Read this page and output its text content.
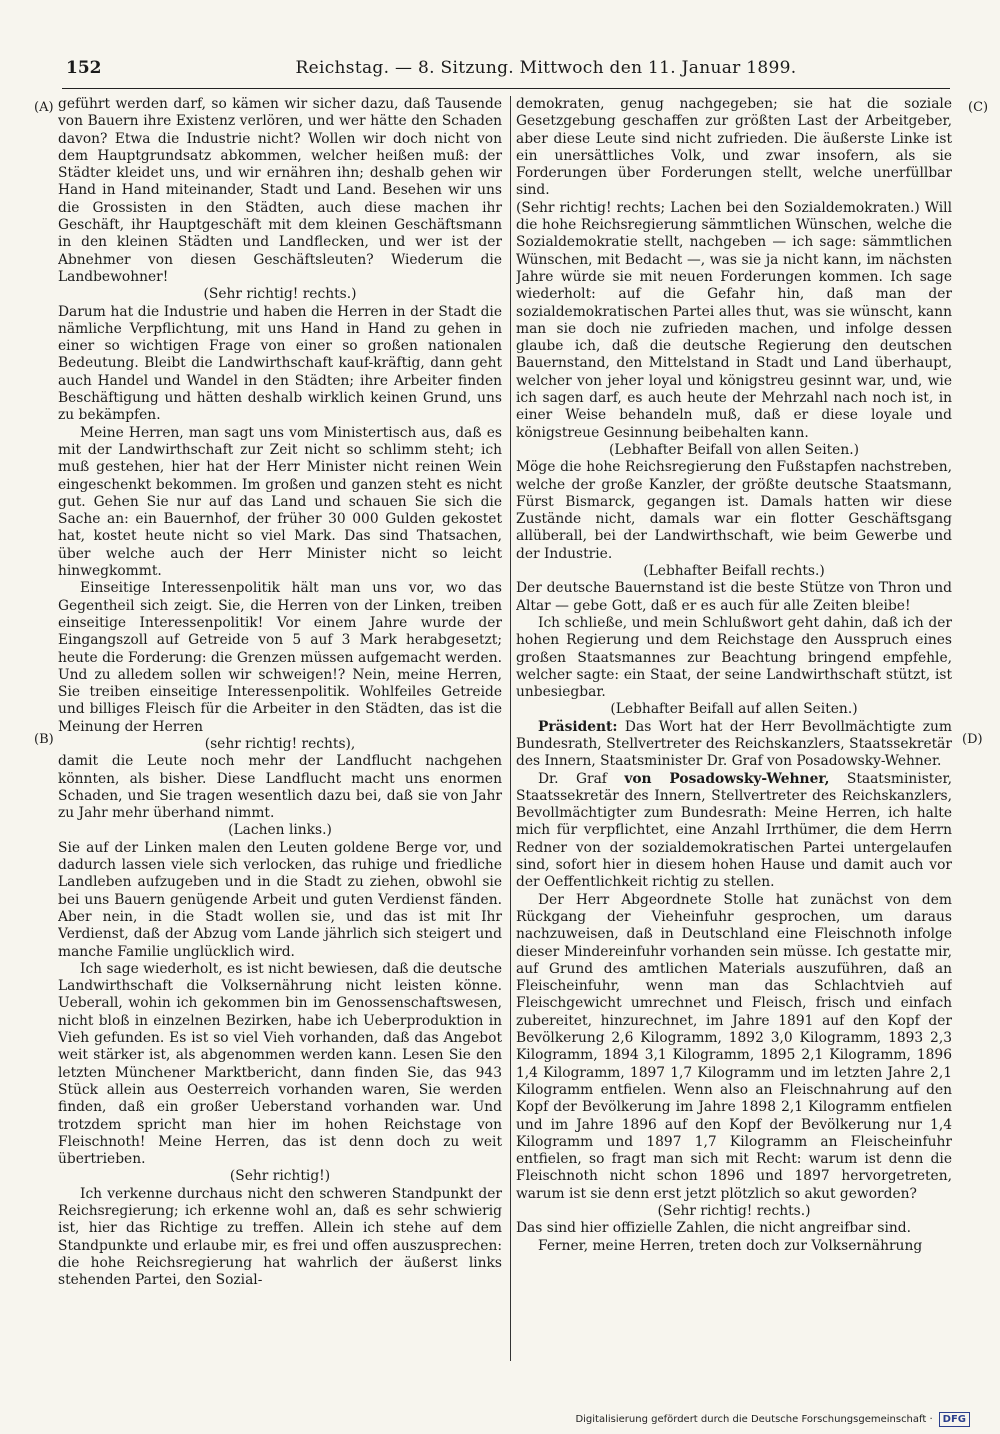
152	Reichstag. — 8. Sitzung. Mittwoch den 11. Januar 1899.
(A)
(B)
(C)
(D)

geführt werden darf, so kämen wir sicher dazu, daß Tausende von Bauern ihre Existenz verlören, und wer hätte den Schaden davon? Etwa die Industrie nicht? Wollen wir doch nicht von dem Hauptgrundsatz abkommen, welcher heißen muß: der Städter kleidet uns, und wir ernähren ihn; deshalb gehen wir Hand in Hand miteinander, Stadt und Land. Besehen wir uns die Grossisten in den Städten, auch diese machen ihr Geschäft, ihr Hauptgeschäft mit dem kleinen Geschäftsmann in den kleinen Städten und Landflecken, und wer ist der Abnehmer von diesen Geschäftsleuten? Wiederum die Landbewohner!

(Sehr richtig! rechts.)

Darum hat die Industrie und haben die Herren in der Stadt die nämliche Verpflichtung, mit uns Hand in Hand zu gehen in einer so wichtigen Frage von einer so großen nationalen Bedeutung. Bleibt die Landwirthschaft kauf-kräftig, dann geht auch Handel und Wandel in den Städten; ihre Arbeiter finden Beschäftigung und hätten deshalb wirklich keinen Grund, uns zu bekämpfen.

Meine Herren, man sagt uns vom Ministertisch aus, daß es mit der Landwirthschaft zur Zeit nicht so schlimm steht; ich muß gestehen, hier hat der Herr Minister nicht reinen Wein eingeschenkt bekommen. Im großen und ganzen steht es nicht gut. Gehen Sie nur auf das Land und schauen Sie sich die Sache an: ein Bauernhof, der früher 30 000 Gulden gekostet hat, kostet heute nicht so viel Mark. Das sind Thatsachen, über welche auch der Herr Minister nicht so leicht hinwegkommt.

Einseitige Interessenpolitik hält man uns vor, wo das Gegentheil sich zeigt. Sie, die Herren von der Linken, treiben einseitige Interessenpolitik! Vor einem Jahre wurde der Eingangszoll auf Getreide von 5 auf 3 Mark herabgesetzt; heute die Forderung: die Grenzen müssen aufgemacht werden. Und zu alledem sollen wir schweigen!? Nein, meine Herren, Sie treiben einseitige Interessenpolitik. Wohlfeiles Getreide und billiges Fleisch für die Arbeiter in den Städten, das ist die Meinung der Herren

(sehr richtig! rechts),

damit die Leute noch mehr der Landflucht nachgehen könnten, als bisher. Diese Landflucht macht uns enormen Schaden, und Sie tragen wesentlich dazu bei, daß sie von Jahr zu Jahr mehr überhand nimmt.

(Lachen links.)

Sie auf der Linken malen den Leuten goldene Berge vor, und dadurch lassen viele sich verlocken, das ruhige und friedliche Landleben aufzugeben und in die Stadt zu ziehen, obwohl sie bei uns Bauern genügende Arbeit und guten Verdienst fänden. Aber nein, in die Stadt wollen sie, und das ist mit Ihr Verdienst, daß der Abzug vom Lande jährlich sich steigert und manche Familie unglücklich wird.

Ich sage wiederholt, es ist nicht bewiesen, daß die deutsche Landwirthschaft die Volksernährung nicht leisten könne. Ueberall, wohin ich gekommen bin im Genossenschaftswesen, nicht bloß in einzelnen Bezirken, habe ich Ueberproduktion in Vieh gefunden. Es ist so viel Vieh vorhanden, daß das Angebot weit stärker ist, als abgenommen werden kann. Lesen Sie den letzten Münchener Marktbericht, dann finden Sie, das 943 Stück allein aus Oesterreich vorhanden waren, Sie werden finden, daß ein großer Ueberstand vorhanden war. Und trotzdem spricht man hier im hohen Reichstage von Fleischnoth! Meine Herren, das ist denn doch zu weit übertrieben.

(Sehr richtig!)

Ich verkenne durchaus nicht den schweren Standpunkt der Reichsregierung; ich erkenne wohl an, daß es sehr schwierig ist, hier das Richtige zu treffen. Allein ich stehe auf dem Standpunkte und erlaube mir, es frei und offen auszusprechen: die hohe Reichsregierung hat wahrlich der äußerst links stehenden Partei, den Sozial-

demokraten, genug nachgegeben; sie hat die soziale Gesetzgebung geschaffen zur größten Last der Arbeitgeber, aber diese Leute sind nicht zufrieden. Die äußerste Linke ist ein unersättliches Volk, und zwar insofern, als sie Forderungen über Forderungen stellt, welche unerfüllbar sind.

(Sehr richtig! rechts; Lachen bei den Sozialdemokraten.) Will die hohe Reichsregierung sämmtlichen Wünschen, welche die Sozialdemokratie stellt, nachgeben — ich sage: sämmtlichen Wünschen, mit Bedacht —, was sie ja nicht kann, im nächsten Jahre würde sie mit neuen Forderungen kommen. Ich sage wiederholt: auf die Gefahr hin, daß man der sozialdemokratischen Partei alles thut, was sie wünscht, kann man sie doch nie zufrieden machen, und infolge dessen glaube ich, daß die deutsche Regierung den deutschen Bauernstand, den Mittelstand in Stadt und Land überhaupt, welcher von jeher loyal und königstreu gesinnt war, und, wie ich sagen darf, es auch heute der Mehrzahl nach noch ist, in einer Weise behandeln muß, daß er diese loyale und königstreue Gesinnung beibehalten kann.

(Lebhafter Beifall von allen Seiten.)

Möge die hohe Reichsregierung den Fußstapfen nachstreben, welche der große Kanzler, der größte deutsche Staatsmann, Fürst Bismarck, gegangen ist. Damals hatten wir diese Zustände nicht, damals war ein flotter Geschäftsgang allüberall, bei der Landwirthschaft, wie beim Gewerbe und der Industrie.

(Lebhafter Beifall rechts.)

Der deutsche Bauernstand ist die beste Stütze von Thron und Altar — gebe Gott, daß er es auch für alle Zeiten bleibe!

Ich schließe, und mein Schlußwort geht dahin, daß ich der hohen Regierung und dem Reichstage den Ausspruch eines großen Staatsmannes zur Beachtung bringend empfehle, welcher sagte: ein Staat, der seine Landwirthschaft stützt, ist unbesiegbar.

(Lebhafter Beifall auf allen Seiten.)

Präsident: Das Wort hat der Herr Bevollmächtigte zum Bundesrath, Stellvertreter des Reichskanzlers, Staatssekretär des Innern, Staatsminister Dr. Graf von Posadowsky-Wehner.

Dr. Graf von Posadowsky-Wehner, Staatsminister, Staatssekretär des Innern, Stellvertreter des Reichskanzlers, Bevollmächtigter zum Bundesrath: Meine Herren, ich halte mich für verpflichtet, eine Anzahl Irrthümer, die dem Herrn Redner von der sozialdemokratischen Partei untergelaufen sind, sofort hier in diesem hohen Hause und damit auch vor der Oeffentlichkeit richtig zu stellen.

Der Herr Abgeordnete Stolle hat zunächst von dem Rückgang der Vieheinfuhr gesprochen, um daraus nachzuweisen, daß in Deutschland eine Fleischnoth infolge dieser Mindereinfuhr vorhanden sein müsse. Ich gestatte mir, auf Grund des amtlichen Materials auszuführen, daß an Fleischeinfuhr, wenn man das Schlachtvieh auf Fleischgewicht umrechnet und Fleisch, frisch und einfach zubereitet, hinzurechnet, im Jahre 1891 auf den Kopf der Bevölkerung 2,6 Kilogramm, 1892 3,0 Kilogramm, 1893 2,3 Kilogramm, 1894 3,1 Kilogramm, 1895 2,1 Kilogramm, 1896 1,4 Kilogramm, 1897 1,7 Kilogramm und im letzten Jahre 2,1 Kilogramm entfielen. Wenn also an Fleischnahrung auf den Kopf der Bevölkerung im Jahre 1898 2,1 Kilogramm entfielen und im Jahre 1896 auf den Kopf der Bevölkerung nur 1,4 Kilogramm und 1897 1,7 Kilogramm an Fleischeinfuhr entfielen, so fragt man sich mit Recht: warum ist denn die Fleischnoth nicht schon 1896 und 1897 hervorgetreten, warum ist sie denn erst jetzt plötzlich so akut geworden?

(Sehr richtig! rechts.)

Das sind hier offizielle Zahlen, die nicht angreifbar sind.

Ferner, meine Herren, treten doch zur Volksernährung

Digitalisierung gefördert durch die Deutsche Forschungsgemeinschaft ·	DFG
